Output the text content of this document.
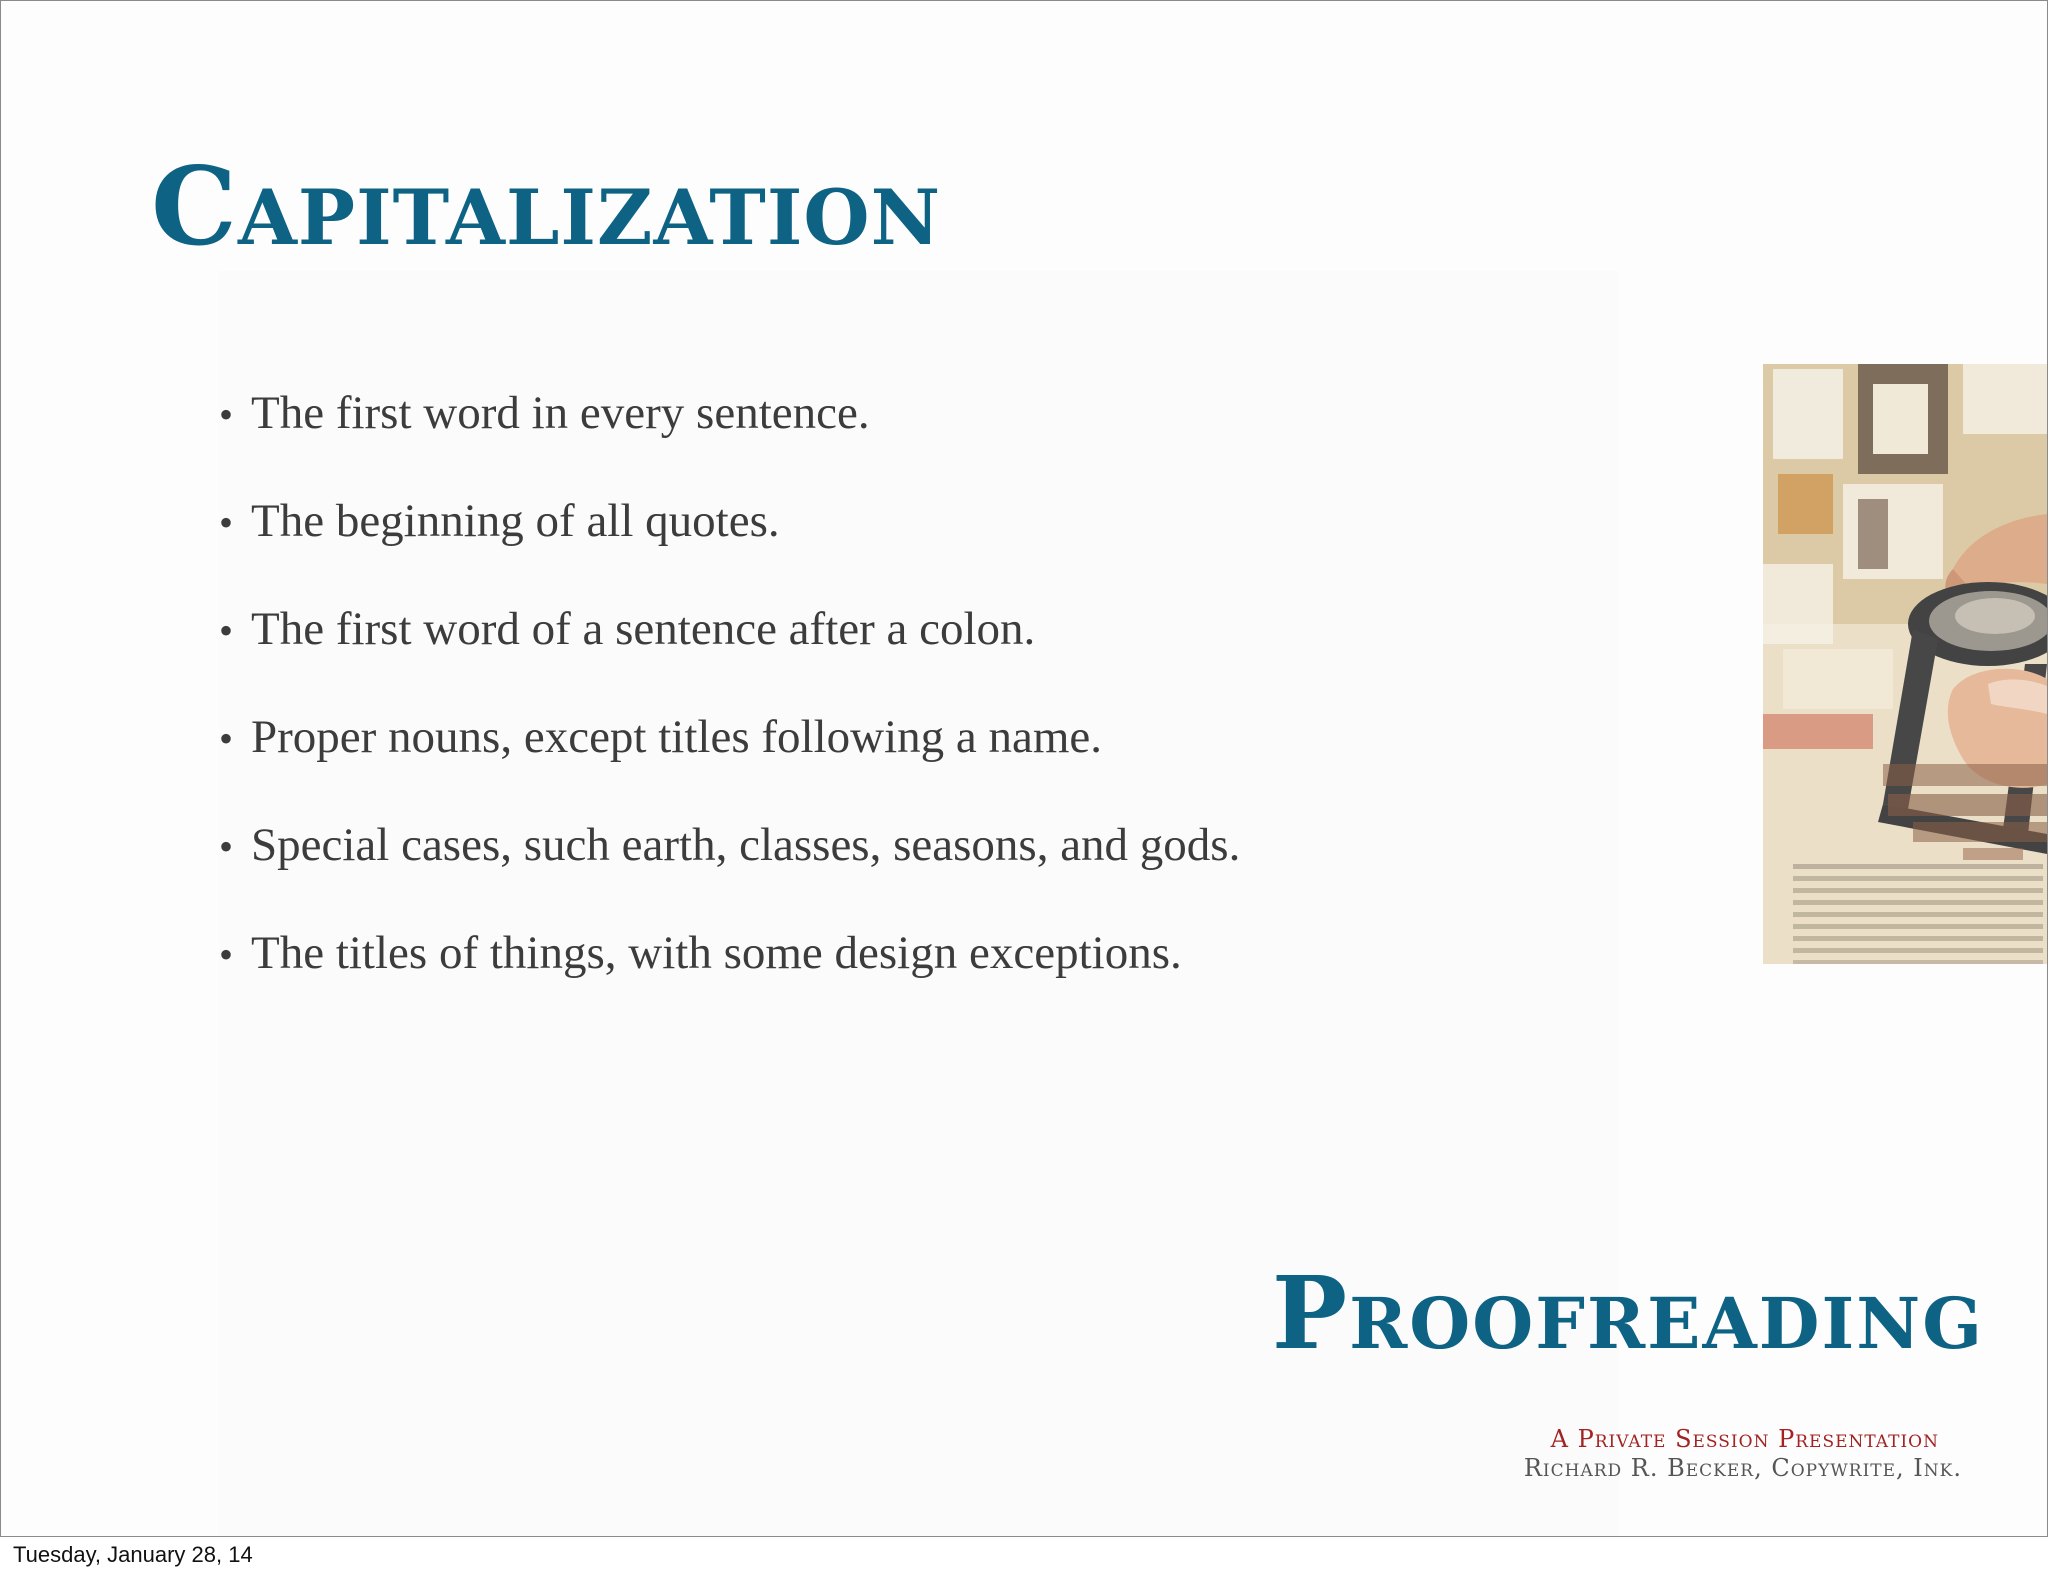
Capitalization
• The first word in every sentence.
• The beginning of all quotes.
• The first word of a sentence after a colon.
• Proper nouns, except titles following a name.
• Special cases, such earth, classes, seasons, and gods.
• The titles of things, with some design exceptions.
Proofreading
A Private Session Presentation
Richard R. Becker, Copywrite, Ink.
Tuesday, January 28, 14
